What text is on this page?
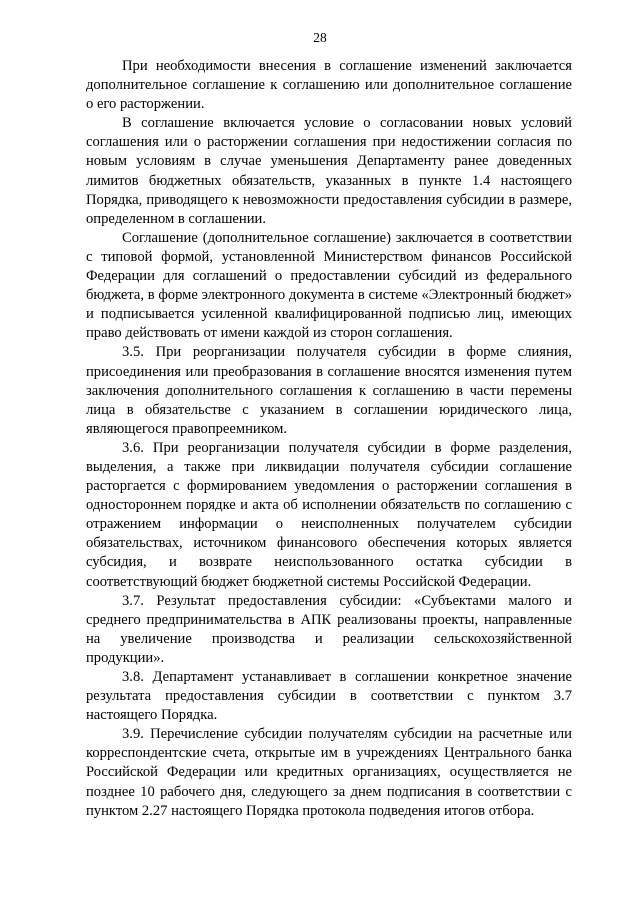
28

При необходимости внесения в соглашение изменений заключается дополнительное соглашение к соглашению или дополнительное соглашение о его расторжении.

В соглашение включается условие о согласовании новых условий соглашения или о расторжении соглашения при недостижении согласия по новым условиям в случае уменьшения Департаменту ранее доведенных лимитов бюджетных обязательств, указанных в пункте 1.4 настоящего Порядка, приводящего к невозможности предоставления субсидии в размере, определенном в соглашении.

Соглашение (дополнительное соглашение) заключается в соответствии с типовой формой, установленной Министерством финансов Российской Федерации для соглашений о предоставлении субсидий из федерального бюджета, в форме электронного документа в системе «Электронный бюджет» и подписывается усиленной квалифицированной подписью лиц, имеющих право действовать от имени каждой из сторон соглашения.

3.5. При реорганизации получателя субсидии в форме слияния, присоединения или преобразования в соглашение вносятся изменения путем заключения дополнительного соглашения к соглашению в части перемены лица в обязательстве с указанием в соглашении юридического лица, являющегося правопреемником.

3.6. При реорганизации получателя субсидии в форме разделения, выделения, а также при ликвидации получателя субсидии соглашение расторгается с формированием уведомления о расторжении соглашения в одностороннем порядке и акта об исполнении обязательств по соглашению с отражением информации о неисполненных получателем субсидии обязательствах, источником финансового обеспечения которых является субсидия, и возврате неиспользованного остатка субсидии в соответствующий бюджет бюджетной системы Российской Федерации.

3.7. Результат предоставления субсидии: «Субъектами малого и среднего предпринимательства в АПК реализованы проекты, направленные на увеличение производства и реализации сельскохозяйственной продукции».

3.8. Департамент устанавливает в соглашении конкретное значение результата предоставления субсидии в соответствии с пунктом 3.7 настоящего Порядка.

3.9. Перечисление субсидии получателям субсидии на расчетные или корреспондентские счета, открытые им в учреждениях Центрального банка Российской Федерации или кредитных организациях, осуществляется не позднее 10 рабочего дня, следующего за днем подписания в соответствии с пунктом 2.27 настоящего Порядка протокола подведения итогов отбора.
